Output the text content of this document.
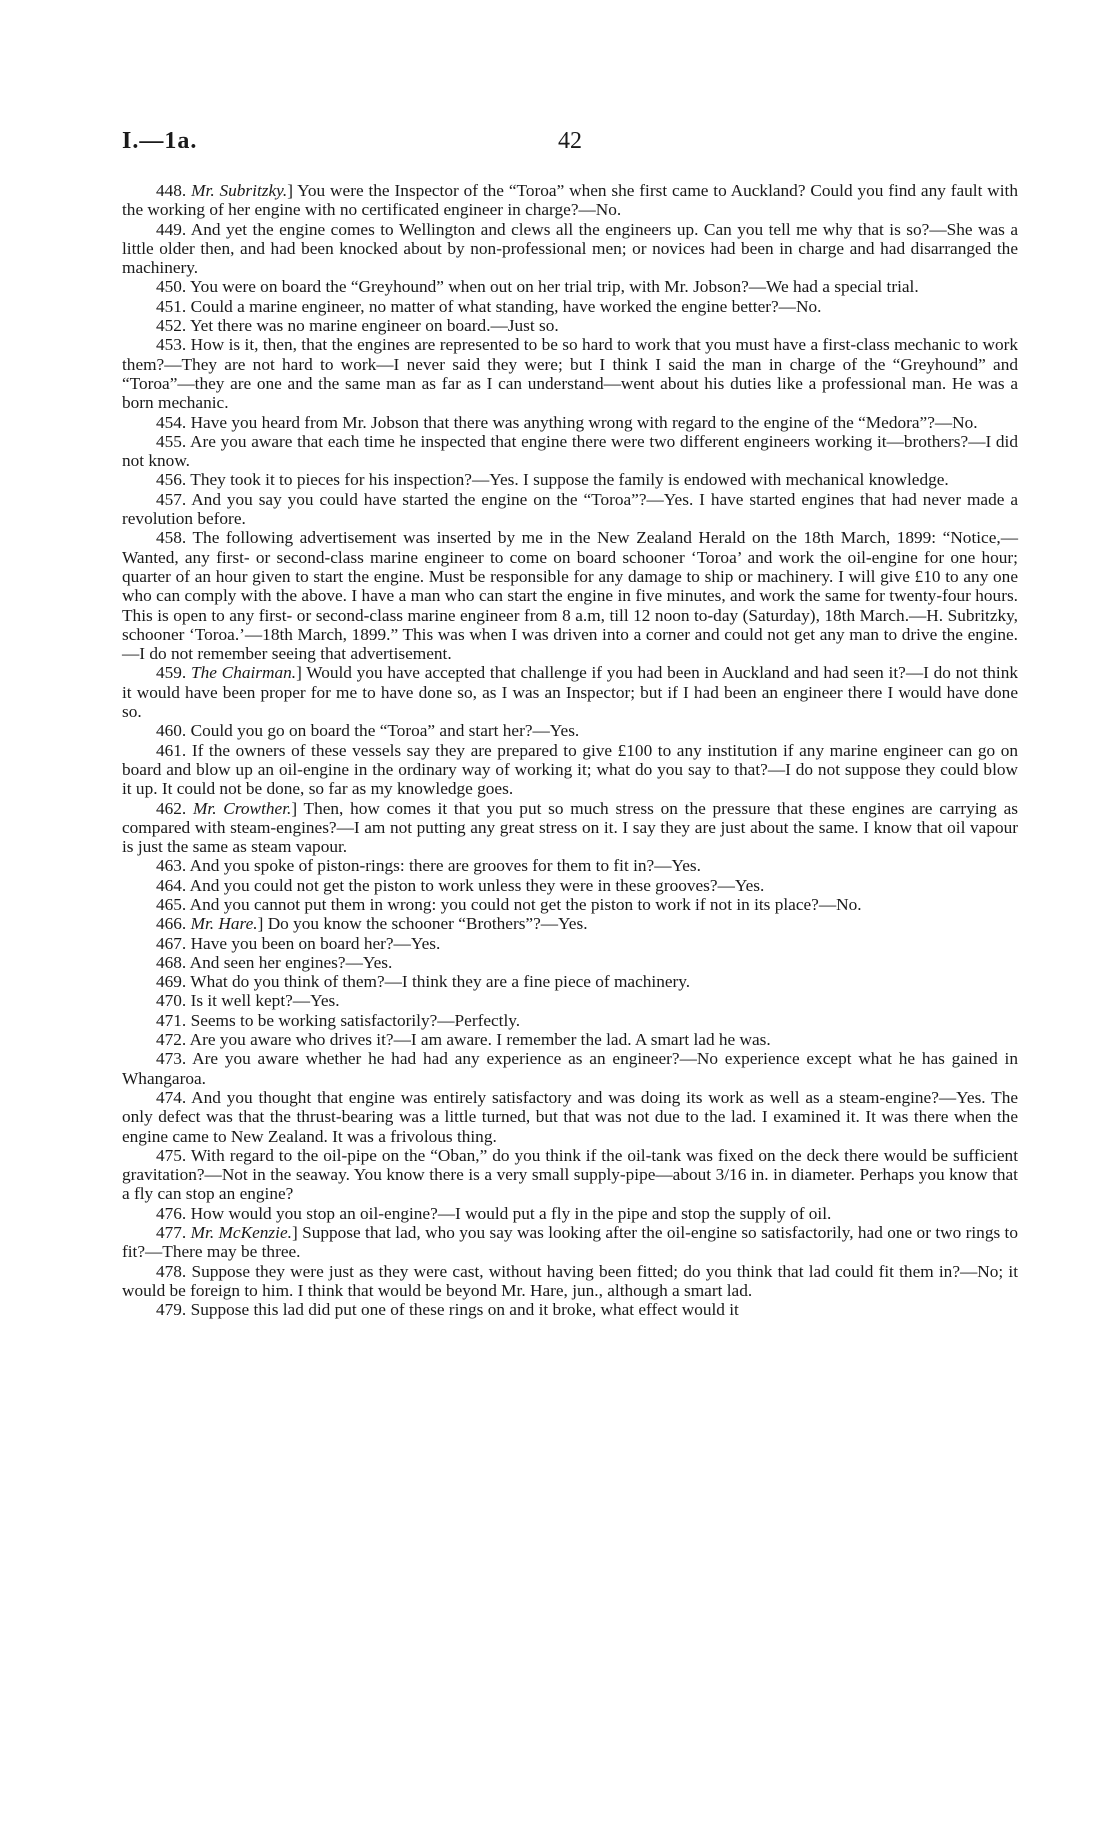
I.—1a.	42

448. Mr. Subritzky.] You were the Inspector of the “Toroa” when she first came to Auckland? Could you find any fault with the working of her engine with no certificated engineer in charge?—No.

449. And yet the engine comes to Wellington and clews all the engineers up. Can you tell me why that is so?—She was a little older then, and had been knocked about by non-professional men; or novices had been in charge and had disarranged the machinery.

450. You were on board the “Greyhound” when out on her trial trip, with Mr. Jobson?—We had a special trial.

451. Could a marine engineer, no matter of what standing, have worked the engine better?—No.

452. Yet there was no marine engineer on board.—Just so.

453. How is it, then, that the engines are represented to be so hard to work that you must have a first-class mechanic to work them?—They are not hard to work—I never said they were; but I think I said the man in charge of the “Greyhound” and “Toroa”—they are one and the same man as far as I can understand—went about his duties like a professional man. He was a born mechanic.

454. Have you heard from Mr. Jobson that there was anything wrong with regard to the engine of the “Medora”?—No.

455. Are you aware that each time he inspected that engine there were two different engineers working it—brothers?—I did not know.

456. They took it to pieces for his inspection?—Yes. I suppose the family is endowed with mechanical knowledge.

457. And you say you could have started the engine on the “Toroa”?—Yes. I have started engines that had never made a revolution before.

458. The following advertisement was inserted by me in the New Zealand Herald on the 18th March, 1899: “Notice,—Wanted, any first- or second-class marine engineer to come on board schooner ‘Toroa’ and work the oil-engine for one hour; quarter of an hour given to start the engine. Must be responsible for any damage to ship or machinery. I will give £10 to any one who can comply with the above. I have a man who can start the engine in five minutes, and work the same for twenty-four hours. This is open to any first- or second-class marine engineer from 8 a.m, till 12 noon to-day (Saturday), 18th March.—H. Subritzky, schooner ‘Toroa.’—18th March, 1899.” This was when I was driven into a corner and could not get any man to drive the engine.—I do not remember seeing that advertisement.

459. The Chairman.] Would you have accepted that challenge if you had been in Auckland and had seen it?—I do not think it would have been proper for me to have done so, as I was an Inspector; but if I had been an engineer there I would have done so.

460. Could you go on board the “Toroa” and start her?—Yes.

461. If the owners of these vessels say they are prepared to give £100 to any institution if any marine engineer can go on board and blow up an oil-engine in the ordinary way of working it; what do you say to that?—I do not suppose they could blow it up. It could not be done, so far as my knowledge goes.

462. Mr. Crowther.] Then, how comes it that you put so much stress on the pressure that these engines are carrying as compared with steam-engines?—I am not putting any great stress on it. I say they are just about the same. I know that oil vapour is just the same as steam vapour.

463. And you spoke of piston-rings: there are grooves for them to fit in?—Yes.

464. And you could not get the piston to work unless they were in these grooves?—Yes.

465. And you cannot put them in wrong: you could not get the piston to work if not in its place?—No.

466. Mr. Hare.] Do you know the schooner “Brothers”?—Yes.

467. Have you been on board her?—Yes.

468. And seen her engines?—Yes.

469. What do you think of them?—I think they are a fine piece of machinery.

470. Is it well kept?—Yes.

471. Seems to be working satisfactorily?—Perfectly.

472. Are you aware who drives it?—I am aware. I remember the lad. A smart lad he was.

473. Are you aware whether he had had any experience as an engineer?—No experience except what he has gained in Whangaroa.

474. And you thought that engine was entirely satisfactory and was doing its work as well as a steam-engine?—Yes. The only defect was that the thrust-bearing was a little turned, but that was not due to the lad. I examined it. It was there when the engine came to New Zealand. It was a frivolous thing.

475. With regard to the oil-pipe on the “Oban,” do you think if the oil-tank was fixed on the deck there would be sufficient gravitation?—Not in the seaway. You know there is a very small supply-pipe—about 3/16 in. in diameter. Perhaps you know that a fly can stop an engine?

476. How would you stop an oil-engine?—I would put a fly in the pipe and stop the supply of oil.

477. Mr. McKenzie.] Suppose that lad, who you say was looking after the oil-engine so satisfactorily, had one or two rings to fit?—There may be three.

478. Suppose they were just as they were cast, without having been fitted; do you think that lad could fit them in?—No; it would be foreign to him. I think that would be beyond Mr. Hare, jun., although a smart lad.

479. Suppose this lad did put one of these rings on and it broke, what effect would it
